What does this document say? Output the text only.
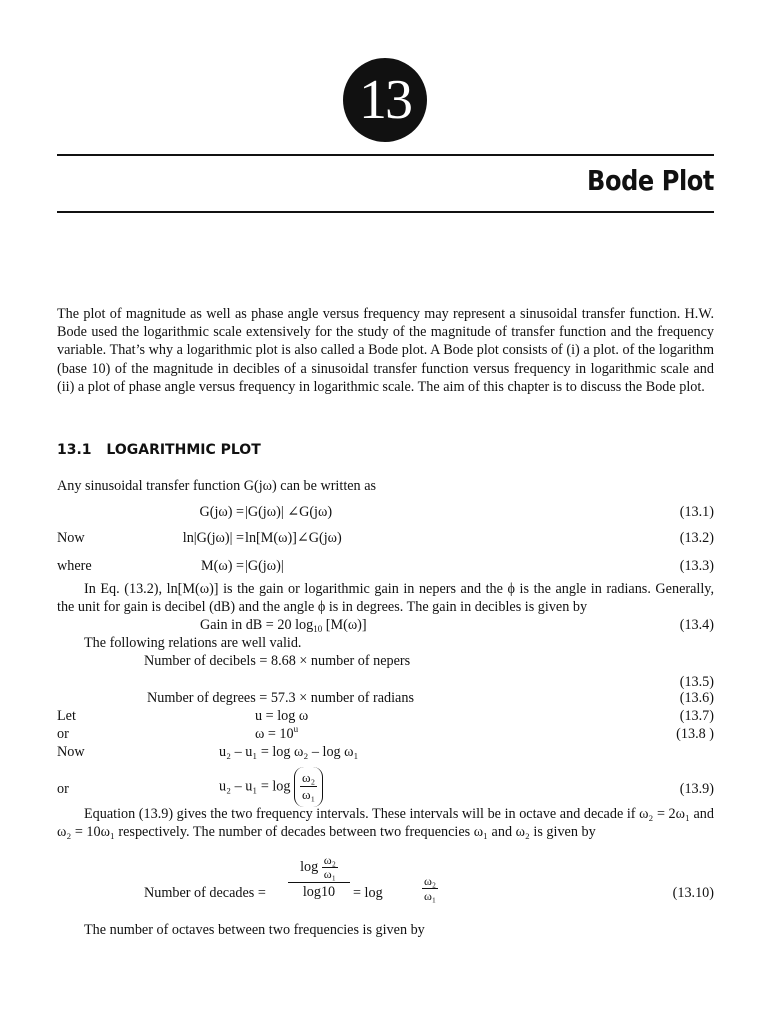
13
Bode Plot
The plot of magnitude as well as phase angle versus frequency may represent a sinusoidal transfer function. H.W. Bode used the logarithmic scale extensively for the study of the magnitude of transfer function and the frequency variable. That’s why a logarithmic plot is also called a Bode plot. A Bode plot consists of (i) a plot. of the logarithm (base 10) of the magnitude in decibles of a sinusoidal transfer function versus frequency in logarithmic scale and (ii) a plot of phase angle versus frequency in logarithmic scale. The aim of this chapter is to discuss the Bode plot.
13.1 LOGARITHMIC PLOT
Any sinusoidal transfer function G(jω) can be written as
G(jω) = |G(jω)| ∠G(jω)	(13.1)
Now	ln|G(jω)| = ln[M(ω)]∠G(jω)	(13.2)
where	M(ω) = |G(jω)|	(13.3)
In Eq. (13.2), ln[M(ω)] is the gain or logarithmic gain in nepers and the ϕ is the angle in radians. Generally, the unit for gain is decibel (dB) and the angle ϕ is in degrees. The gain in decibles is given by
Gain in dB = 20 $\log_{10} [M(\omega)]$	(13.4)
The following relations are well valid.
Number of decibels = 8.68 × number of nepers
(13.5)
Number of degrees = 57.3 × number of radians	(13.6)
Let	u = log ω	(13.7)
or	$\omega = 10^u$	(13.8 )
Now	u₂ – u₁ = log ω₂ – log ω₁
or	$u_2 - u_1 = \log \frac{\text{ω₂}}{\text{ω₁}}$	(13.9)
Equation (13.9) gives the two frequency intervals. These intervals will be in octave and decade if ω₂ = 2ω₁ and ω₂ = 10ω₁ respectively. The number of decades between two frequencies ω₁ and ω₂ is given by
Number of decades = $\frac{\log \frac{\text{ω₂}}{\text{ω₁}}}{\log 10} = \log$	$\frac{\text{ω₂}}{\text{ω₁}}$	(13.10)
The number of octaves between two frequencies is given by
